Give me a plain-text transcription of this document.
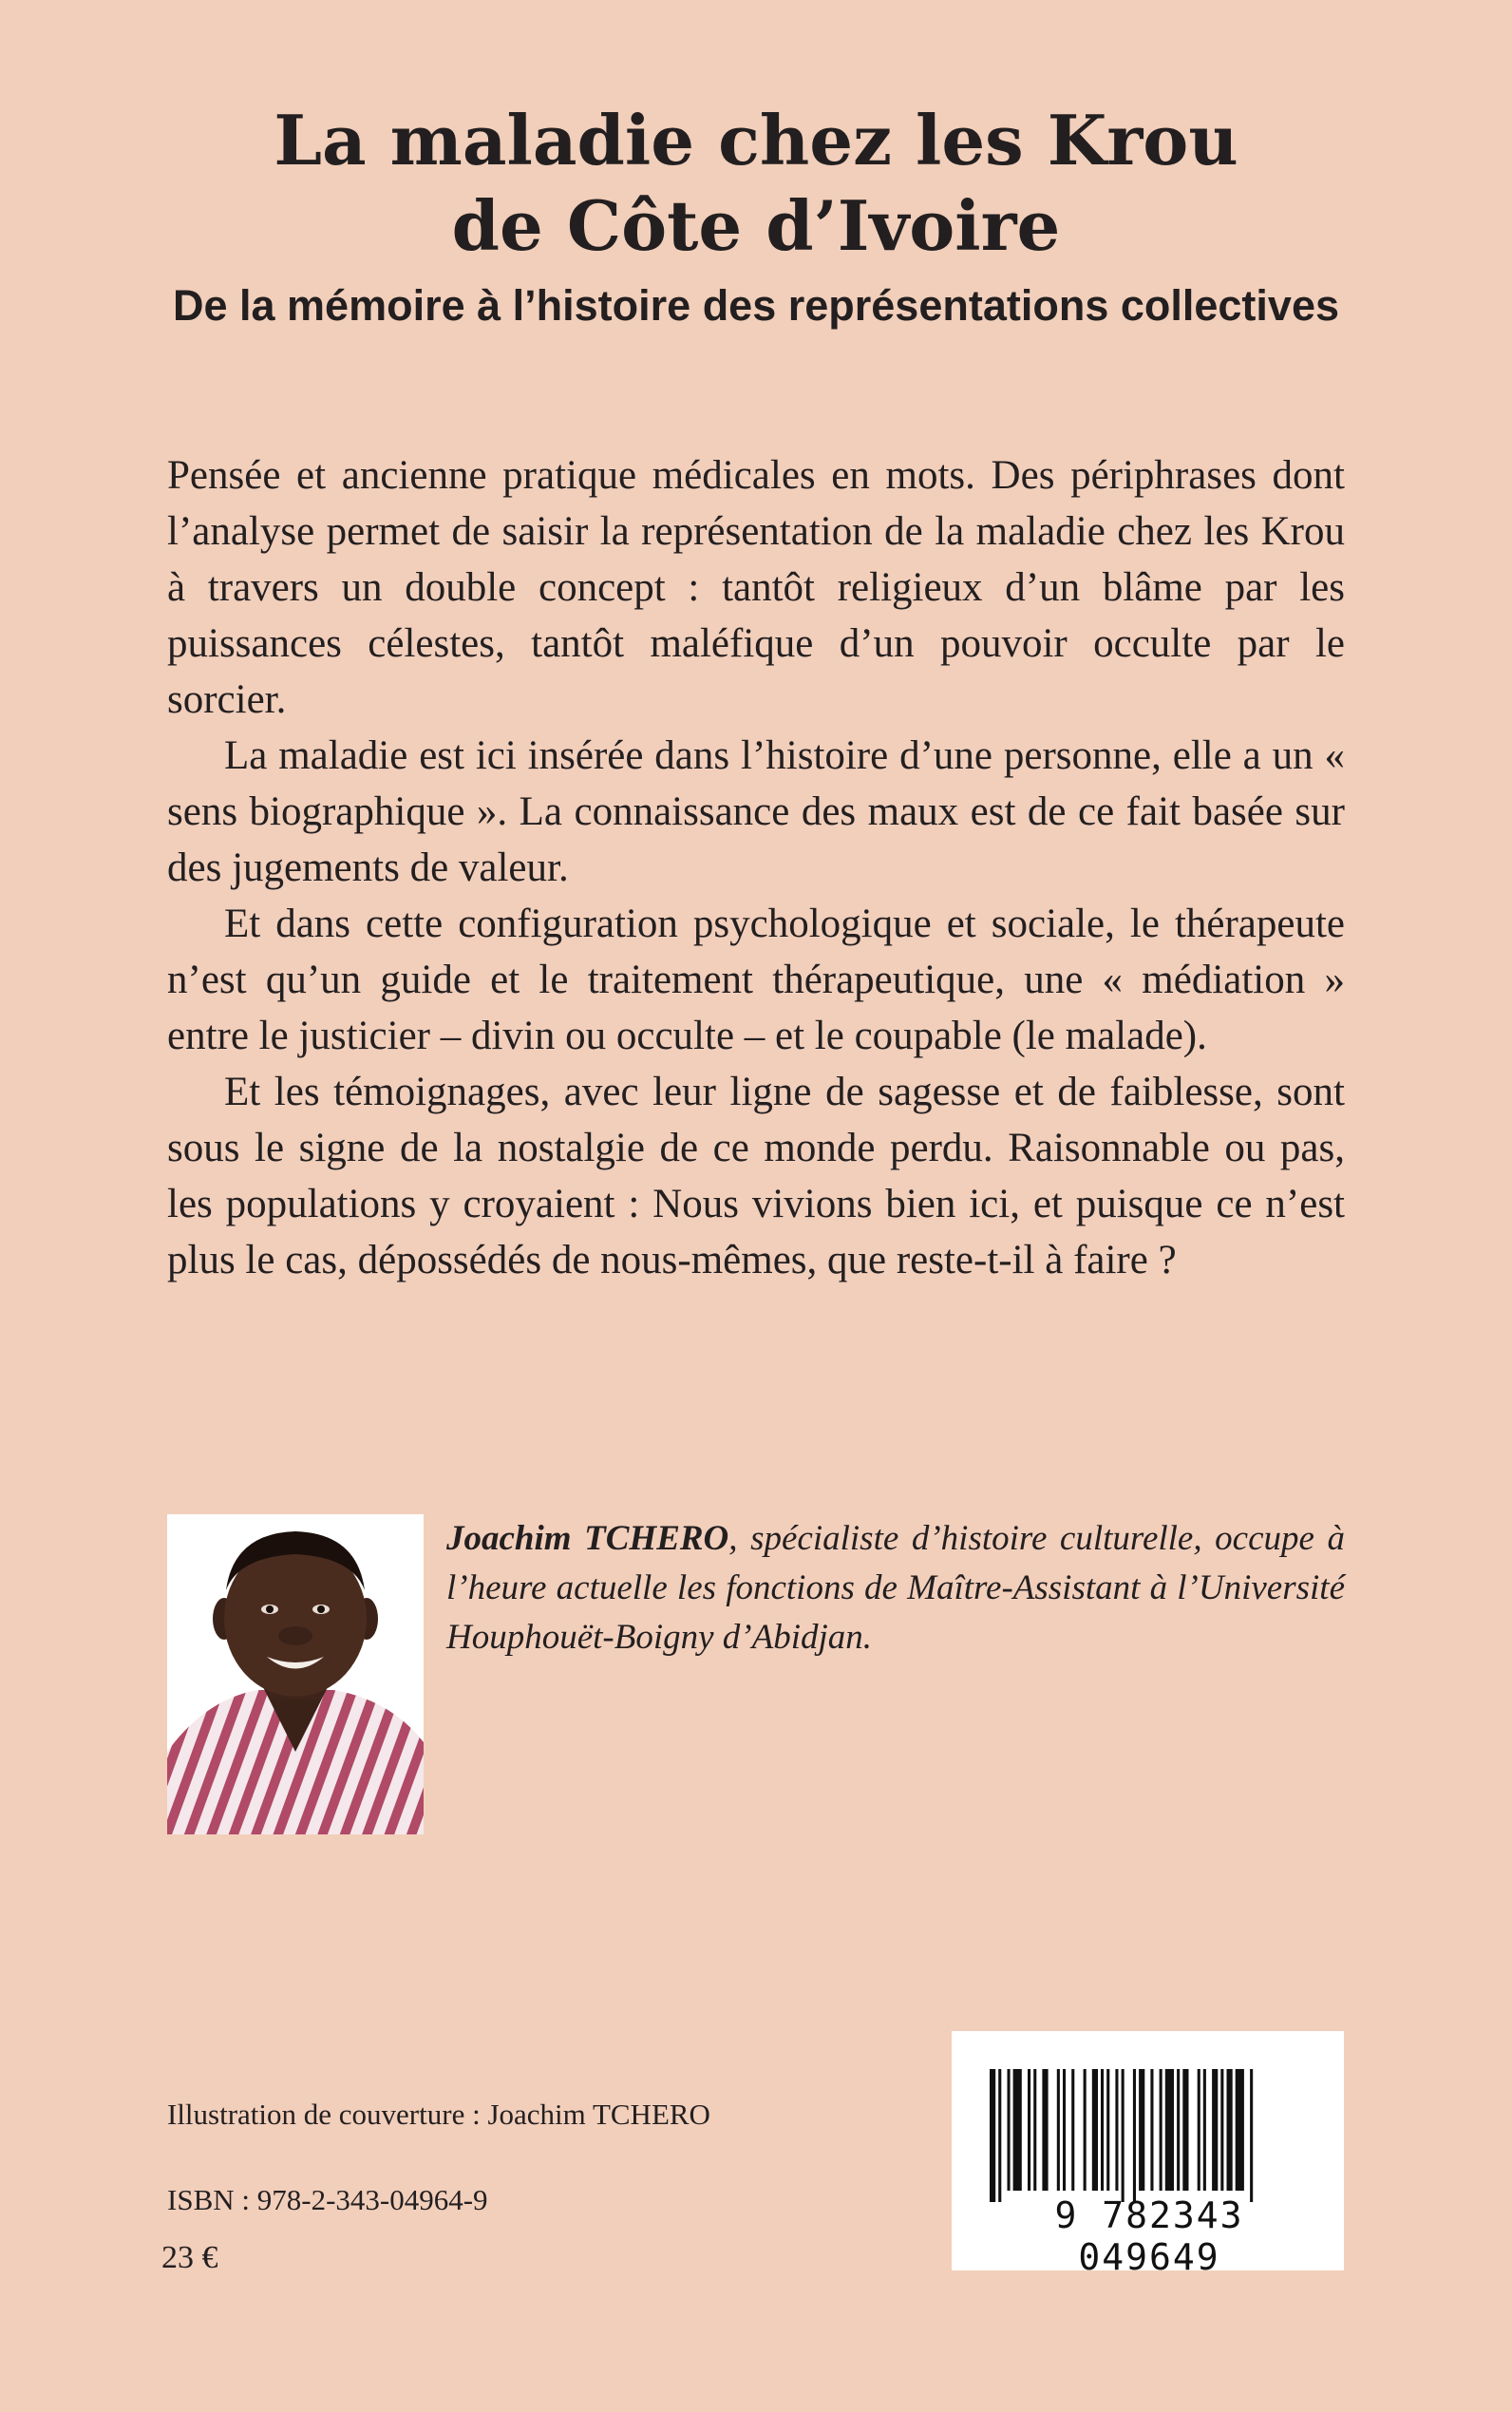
La maladie chez les Krou
de Côte d’Ivoire
De la mémoire à l’histoire des représentations collectives

Pensée et ancienne pratique médicales en mots. Des périphrases dont l’analyse permet de saisir la représentation de la maladie chez les Krou à travers un double concept : tantôt religieux d’un blâme par les puissances célestes, tantôt maléfique d’un pouvoir occulte par le sorcier.

La maladie est ici insérée dans l’histoire d’une personne, elle a un « sens biographique ». La connaissance des maux est de ce fait basée sur des jugements de valeur.

Et dans cette configuration psychologique et sociale, le thérapeute n’est qu’un guide et le traitement thérapeutique, une « médiation » entre le justicier – divin ou occulte – et le coupable (le malade).

Et les témoignages, avec leur ligne de sagesse et de faiblesse, sont sous le signe de la nostalgie de ce monde perdu. Raisonnable ou pas, les populations y croyaient : Nous vivions bien ici, et puisque ce n’est plus le cas, dépossédés de nous-mêmes, que reste-t-il à faire ?

Joachim TCHERO, spécialiste d’histoire culturelle, occupe à l’heure actuelle les fonctions de Maître-Assistant à l’Université Houphouët-Boigny d’Abidjan.
Illustration de couverture : Joachim TCHERO
ISBN : 978-2-343-04964-9
23 €
9 782343 049649
